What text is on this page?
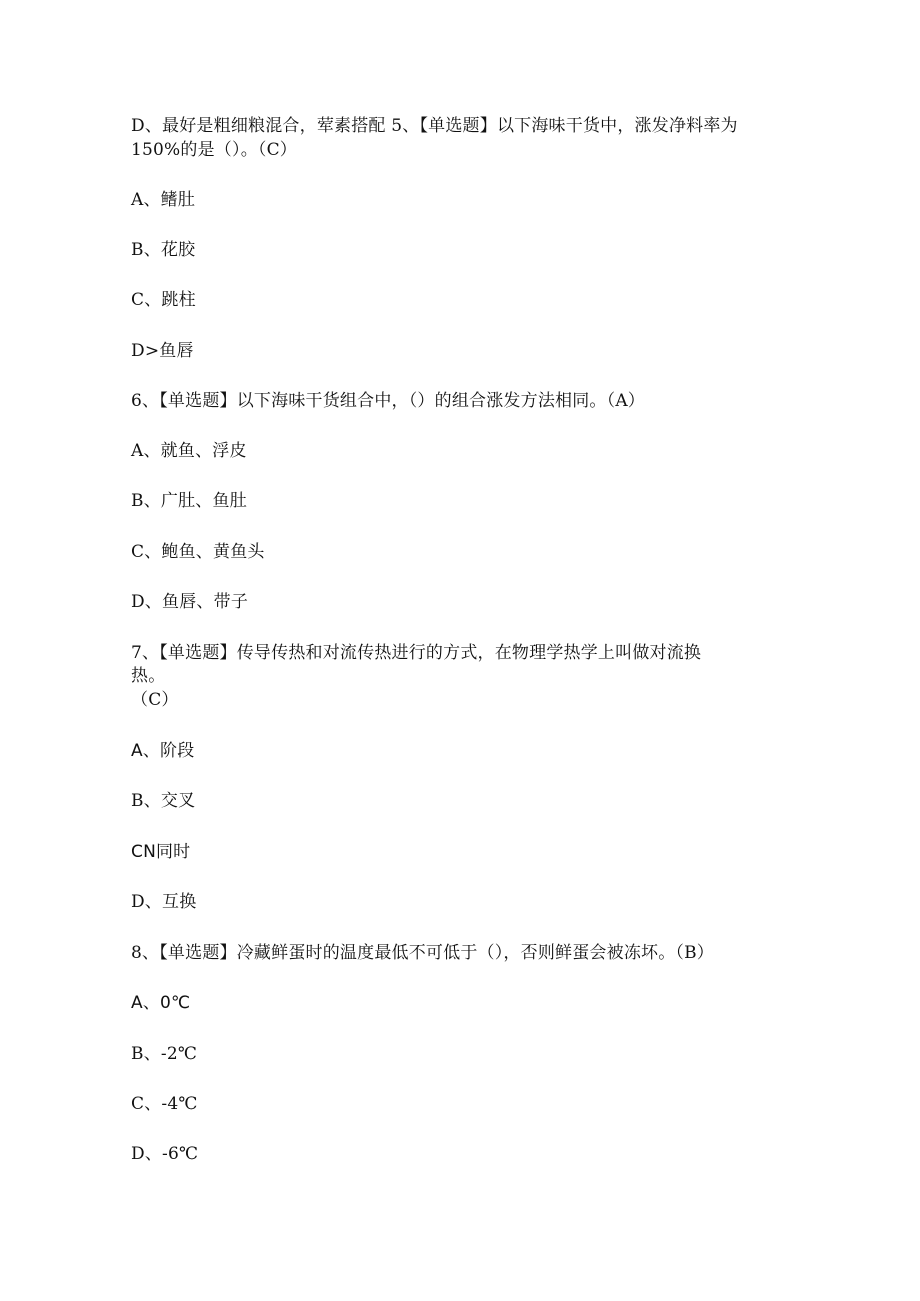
D、最好是粗细粮混合，荤素搭配 5、【单选题】以下海味干货中，涨发净料率为
150%的是（）。（C）
A、鳍肚
B、花胶
C、跳柱
D>鱼唇
6、【单选题】以下海味干货组合中，（）的组合涨发方法相同。（A）
A、就鱼、浮皮
B、广肚、鱼肚
C、鲍鱼、黄鱼头
D、鱼唇、带子
7、【单选题】传导传热和对流传热进行的方式，在物理学热学上叫做对流换
热。
（C）
A、阶段
B、交叉
CN同时
D、互换
8、【单选题】冷藏鲜蛋时的温度最低不可低于（），否则鲜蛋会被冻坏。（B）
A、0℃
B、-2℃
C、-4℃
D、-6℃
